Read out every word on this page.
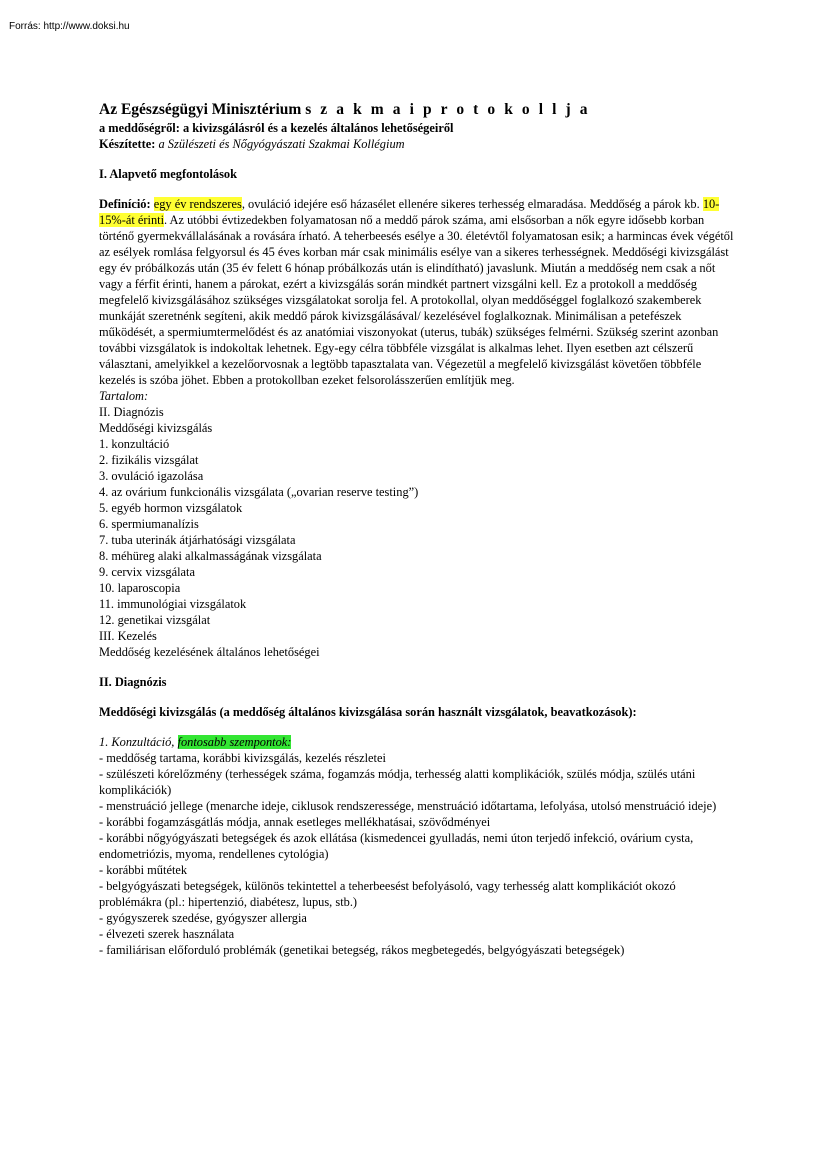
Forrás: http://www.doksi.hu
Az Egészségügyi Minisztérium s z a k m a i p r o t o k o l l j a
a meddőségről: a kivizsgálásról és a kezelés általános lehetőségeiről
Készítette: a Szülészeti és Nőgyógyászati Szakmai Kollégium
I. Alapvető megfontolások

Definíció: egy év rendszeres, ovuláció idejére eső házasélet ellenére sikeres terhesség elmaradása. Meddőség a párok kb. 10-15%-át érinti. Az utóbbi évtizedekben folyamatosan nő a meddő párok száma, ami elsősorban a nők egyre idősebb korban történő gyermekvállalásának a rovására írható. A teherbeesés esélye a 30. életévtől folyamatosan esik; a harmincas évek végétől az esélyek romlása felgyorsul és 45 éves korban már csak minimális esélye van a sikeres terhességnek. Meddőségi kivizsgálást egy év próbálkozás után (35 év felett 6 hónap próbálkozás után is elindítható) javaslunk. Miután a meddőség nem csak a nőt vagy a férfit érinti, hanem a párokat, ezért a kivizsgálás során mindkét partnert vizsgálni kell. Ez a protokoll a meddőség megfelelő kivizsgálásához szükséges vizsgálatokat sorolja fel. A protokollal, olyan meddőséggel foglalkozó szakemberek munkáját szeretnénk segíteni, akik meddő párok kivizsgálásával/ kezelésével foglalkoznak. Minimálisan a petefészek működését, a spermiumtermelődést és az anatómiai viszonyokat (uterus, tubák) szükséges felmérni. Szükség szerint azonban további vizsgálatok is indokoltak lehetnek. Egy-egy célra többféle vizsgálat is alkalmas lehet. Ilyen esetben azt célszerű választani, amelyikkel a kezelőorvosnak a legtöbb tapasztalata van. Végezetül a megfelelő kivizsgálást követően többféle kezelés is szóba jöhet. Ebben a protokollban ezeket felsorolásszerűen említjük meg.

Tartalom:
II. Diagnózis
Meddőségi kivizsgálás
1. konzultáció
2. fizikális vizsgálat
3. ovuláció igazolása
4. az ovárium funkcionális vizsgálata („ovarian reserve testing”)
5. egyéb hormon vizsgálatok
6. spermiumanalízis
7. tuba uterinák átjárhatósági vizsgálata
8. méhüreg alaki alkalmasságának vizsgálata
9. cervix vizsgálata
10. laparoscopia
11. immunológiai vizsgálatok
12. genetikai vizsgálat
III. Kezelés
Meddőség kezelésének általános lehetőségei
II. Diagnózis
Meddőségi kivizsgálás (a meddőség általános kivizsgálása során használt vizsgálatok, beavatkozások):
1. Konzultáció, fontosabb szempontok:
- meddőség tartama, korábbi kivizsgálás, kezelés részletei
- szülészeti kórelőzmény (terhességek száma, fogamzás módja, terhesség alatti komplikációk, szülés módja, szülés utáni komplikációk)
- menstruáció jellege (menarche ideje, ciklusok rendszeressége, menstruáció időtartama, lefolyása, utolsó menstruáció ideje)
- korábbi fogamzásgátlás módja, annak esetleges mellékhatásai, szövődményei
- korábbi nőgyógyászati betegségek és azok ellátása (kismedencei gyulladás, nemi úton terjedő infekció, ovárium cysta, endometriózis, myoma, rendellenes cytológia)
- korábbi műtétek
- belgyógyászati betegségek, különös tekintettel a teherbeesést befolyásoló, vagy terhesség alatt komplikációt okozó problémákra (pl.: hipertenzió, diabétesz, lupus, stb.)
- gyógyszerek szedése, gyógyszer allergia
- élvezeti szerek használata
- familiárisan előforduló problémák (genetikai betegség, rákos megbetegedés, belgyógyászati betegségek)
